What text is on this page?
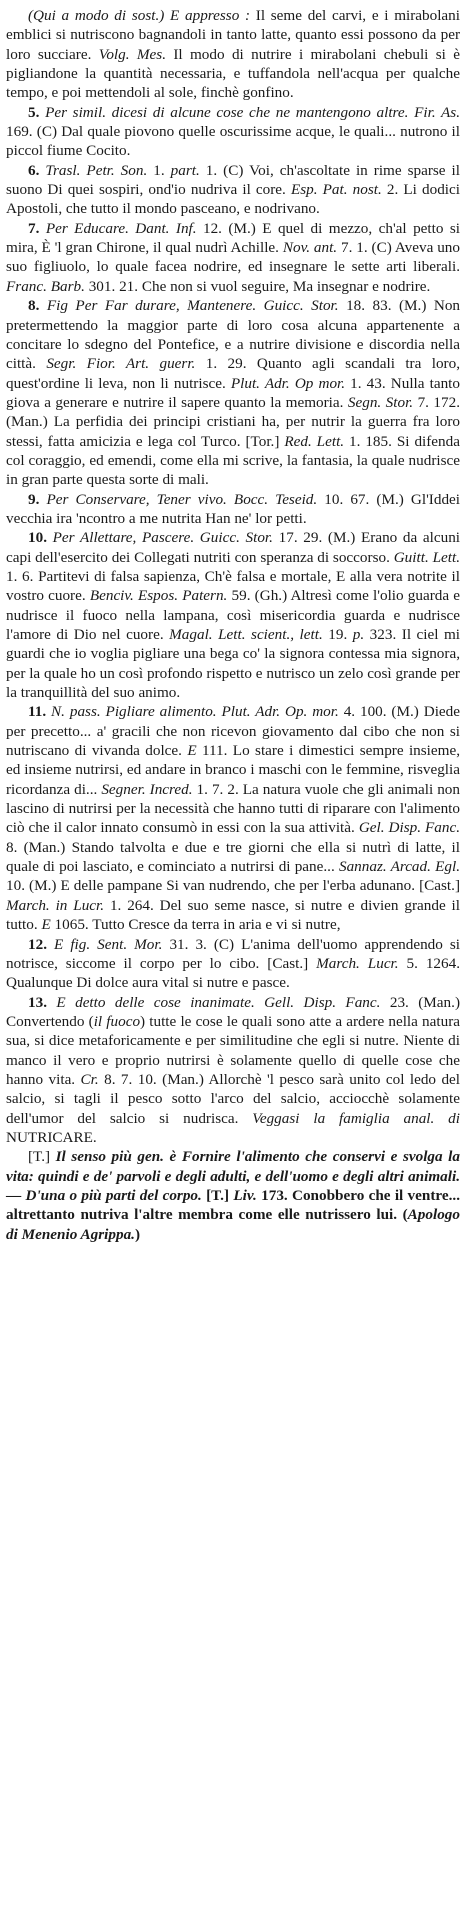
(Qui a modo di sost.) E appresso : Il seme del carvi, e i mirabolani emblici si nutriscono bagnandoli in tanto latte, quanto essi possono da per loro succiare. Volg. Mes. Il modo di nutrire i mirabolani chebuli si è pigliandone la quantità necessaria, e tuffandola nell'acqua per qualche tempo, e poi mettendoli al sole, finchè gonfino.

5. Per simil. dicesi di alcune cose che ne mantengono altre. Fir. As. 169. (C) Dal quale piovono quelle oscurissime acque, le quali... nutrono il piccol fiume Cocito.

6. Trasl. Petr. Son. 1. part. 1. (C) Voi, ch'ascoltate in rime sparse il suono Di quei sospiri, ond'io nudriva il core. Esp. Pat. nost. 2. Li dodici Apostoli, che tutto il mondo pasceano, e nodrivano.

7. Per Educare. Dant. Inf. 12. (M.) E quel di mezzo, ch'al petto si mira, È 'l gran Chirone, il qual nudrì Achille. Nov. ant. 7. 1. (C) Aveva uno suo figliuolo, lo quale facea nodrire, ed insegnare le sette arti liberali. Franc. Barb. 301. 21. Che non si vuol seguire, Ma insegnar e nodrire.

8. Fig Per Far durare, Mantenere. Guicc. Stor. 18. 83. (M.) Non pretermettendo la maggior parte di loro cosa alcuna appartenente a concitare lo sdegno del Pontefice, e a nutrire divisione e discordia nella città. Segr. Fior. Art. guerr. 1. 29. Quanto agli scandali tra loro, quest'ordine li leva, non li nutrisce. Plut. Adr. Op mor. 1. 43. Nulla tanto giova a generare e nutrire il sapere quanto la memoria. Segn. Stor. 7. 172. (Man.) La perfidia dei principi cristiani ha, per nutrir la guerra fra loro stessi, fatta amicizia e lega col Turco. [Tor.] Red. Lett. 1. 185. Si difenda col coraggio, ed emendi, come ella mi scrive, la fantasia, la quale nudrisce in gran parte questa sorte di mali.

9. Per Conservare, Tener vivo. Bocc. Teseid. 10. 67. (M.) Gl'Iddei vecchia ira 'ncontro a me nutrita Han ne' lor petti.

10. Per Allettare, Pascere. Guicc. Stor. 17. 29. (M.) Erano da alcuni capi dell'esercito dei Collegati nutriti con speranza di soccorso. Guitt. Lett. 1. 6. Partitevi di falsa sapienza, Ch'è falsa e mortale, E alla vera notrite il vostro cuore. Benciv. Espos. Patern. 59. (Gh.) Altresì come l'olio guarda e nudrisce il fuoco nella lampana, così misericordia guarda e nudrisce l'amore di Dio nel cuore. Magal. Lett. scient., lett. 19. p. 323. Il ciel mi guardi che io voglia pigliare una bega co' la signora contessa mia signora, per la quale ho un così profondo rispetto e nutrisco un zelo così grande per la tranquillità del suo animo.

11. N. pass. Pigliare alimento. Plut. Adr. Op. mor. 4. 100. (M.) Diede per precetto... a' gracili che non ricevon giovamento dal cibo che non si nutriscano di vivanda dolce. E 111. Lo stare i dimestici sempre insieme, ed insieme nutrirsi, ed andare in branco i maschi con le femmine, risveglia ricordanza di... Segner. Incred. 1. 7. 2. La natura vuole che gli animali non lascino di nutrirsi per la necessità che hanno tutti di riparare con l'alimento ciò che il calor innato consumò in essi con la sua attività. Gel. Disp. Fanc. 8. (Man.) Stando talvolta e due e tre giorni che ella si nutrì di latte, il quale di poi lasciato, e cominciato a nutrirsi di pane... Sannaz. Arcad. Egl. 10. (M.) E delle pampane Si van nudrendo, che per l'erba adunano. [Cast.] March. in Lucr. 1. 264. Del suo seme nasce, si nutre e divien grande il tutto. E 1065. Tutto Cresce da terra in aria e vi si nutre,

12. E fig. Sent. Mor. 31. 3. (C) L'anima dell'uomo apprendendo si notrisce, siccome il corpo per lo cibo. [Cast.] March. Lucr. 5. 1264. Qualunque Di dolce aura vital si nutre e pasce.

13. E detto delle cose inanimate. Gell. Disp. Fanc. 23. (Man.) Convertendo (il fuoco) tutte le cose le quali sono atte a ardere nella natura sua, si dice metaforicamente e per similitudine che egli si nutre. Niente di manco il vero e proprio nutrirsi è solamente quello di quelle cose che hanno vita. Cr. 8. 7. 10. (Man.) Allorchè 'l pesco sarà unito col ledo del salcio, si tagli il pesco sotto l'arco del salcio, acciocchè solamente dell'umor del salcio si nudrisca. Veggasi la famiglia anal. di NUTRICARE.

[T.] Il senso più gen. è Fornire l'alimento che conservi e svolga la vita: quindi e de' parvoli e degli adulti, e dell'uomo e degli altri animali. — D'una o più parti del corpo. [T.] Liv. 173. Conobbero che il ventre... altrettanto nutriva l'altre membra come elle nutrissero lui. (Apologo di Menenio Agrippa.)
